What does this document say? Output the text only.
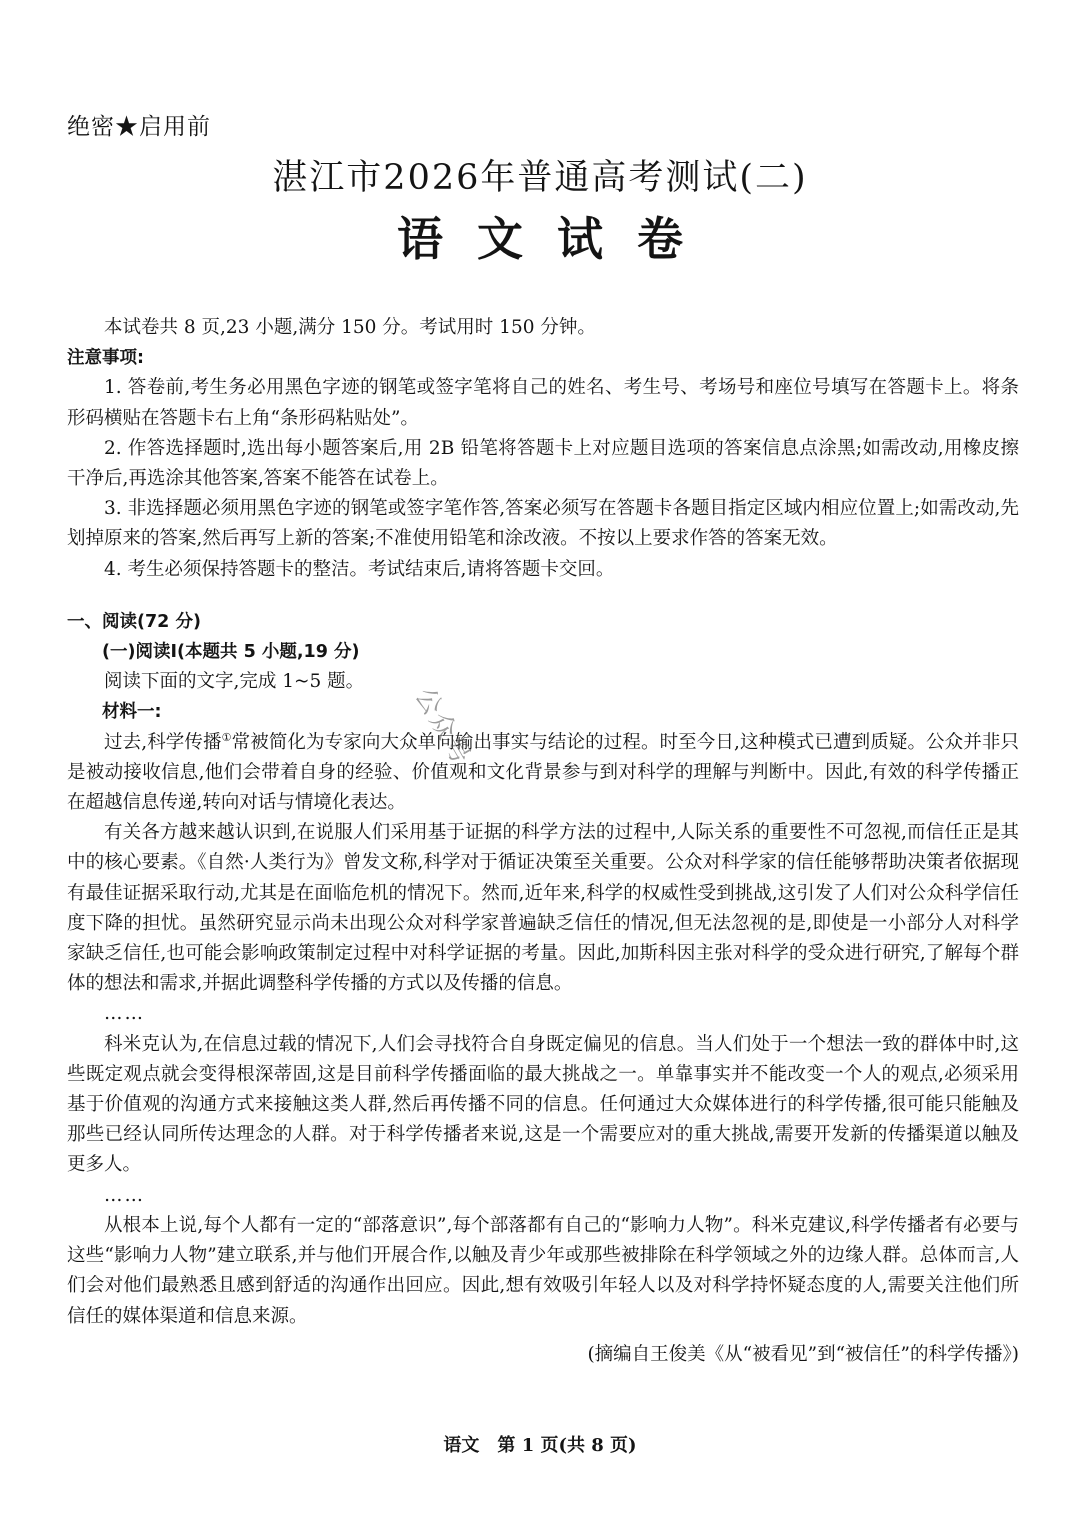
绝密★启用前
湛江市2026年普通高考测试(二)
语文试卷

本试卷共 8 页,23 小题,满分 150 分。考试用时 150 分钟。

注意事项:

1. 答卷前,考生务必用黑色字迹的钢笔或签字笔将自己的姓名、考生号、考场号和座位号填写在答题卡上。将条形码横贴在答题卡右上角“条形码粘贴处”。

2. 作答选择题时,选出每小题答案后,用 2B 铅笔将答题卡上对应题目选项的答案信息点涂黑;如需改动,用橡皮擦干净后,再选涂其他答案,答案不能答在试卷上。

3. 非选择题必须用黑色字迹的钢笔或签字笔作答,答案必须写在答题卡各题目指定区域内相应位置上;如需改动,先划掉原来的答案,然后再写上新的答案;不准使用铅笔和涂改液。不按以上要求作答的答案无效。

4. 考生必须保持答题卡的整洁。考试结束后,请将答题卡交回。

一、阅读(72 分)

(一)阅读Ⅰ(本题共 5 小题,19 分)

阅读下面的文字,完成 1~5 题。

材料一:

过去,科学传播①常被简化为专家向大众单向输出事实与结论的过程。时至今日,这种模式已遭到质疑。公众并非只是被动接收信息,他们会带着自身的经验、价值观和文化背景参与到对科学的理解与判断中。因此,有效的科学传播正在超越信息传递,转向对话与情境化表达。

有关各方越来越认识到,在说服人们采用基于证据的科学方法的过程中,人际关系的重要性不可忽视,而信任正是其中的核心要素。《自然·人类行为》曾发文称,科学对于循证决策至关重要。公众对科学家的信任能够帮助决策者依据现有最佳证据采取行动,尤其是在面临危机的情况下。然而,近年来,科学的权威性受到挑战,这引发了人们对公众科学信任度下降的担忧。虽然研究显示尚未出现公众对科学家普遍缺乏信任的情况,但无法忽视的是,即使是一小部分人对科学家缺乏信任,也可能会影响政策制定过程中对科学证据的考量。因此,加斯科因主张对科学的受众进行研究,了解每个群体的想法和需求,并据此调整科学传播的方式以及传播的信息。

……

科米克认为,在信息过载的情况下,人们会寻找符合自身既定偏见的信息。当人们处于一个想法一致的群体中时,这些既定观点就会变得根深蒂固,这是目前科学传播面临的最大挑战之一。单靠事实并不能改变一个人的观点,必须采用基于价值观的沟通方式来接触这类人群,然后再传播不同的信息。任何通过大众媒体进行的科学传播,很可能只能触及那些已经认同所传达理念的人群。对于科学传播者来说,这是一个需要应对的重大挑战,需要开发新的传播渠道以触及更多人。

……

从根本上说,每个人都有一定的“部落意识”,每个部落都有自己的“影响力人物”。科米克建议,科学传播者有必要与这些“影响力人物”建立联系,并与他们开展合作,以触及青少年或那些被排除在科学领域之外的边缘人群。总体而言,人们会对他们最熟悉且感到舒适的沟通作出回应。因此,想有效吸引年轻人以及对科学持怀疑态度的人,需要关注他们所信任的媒体渠道和信息来源。

(摘编自王俊美《从“被看见”到“被信任”的科学传播》)

语文　第 1 页(共 8 页)
公众号
